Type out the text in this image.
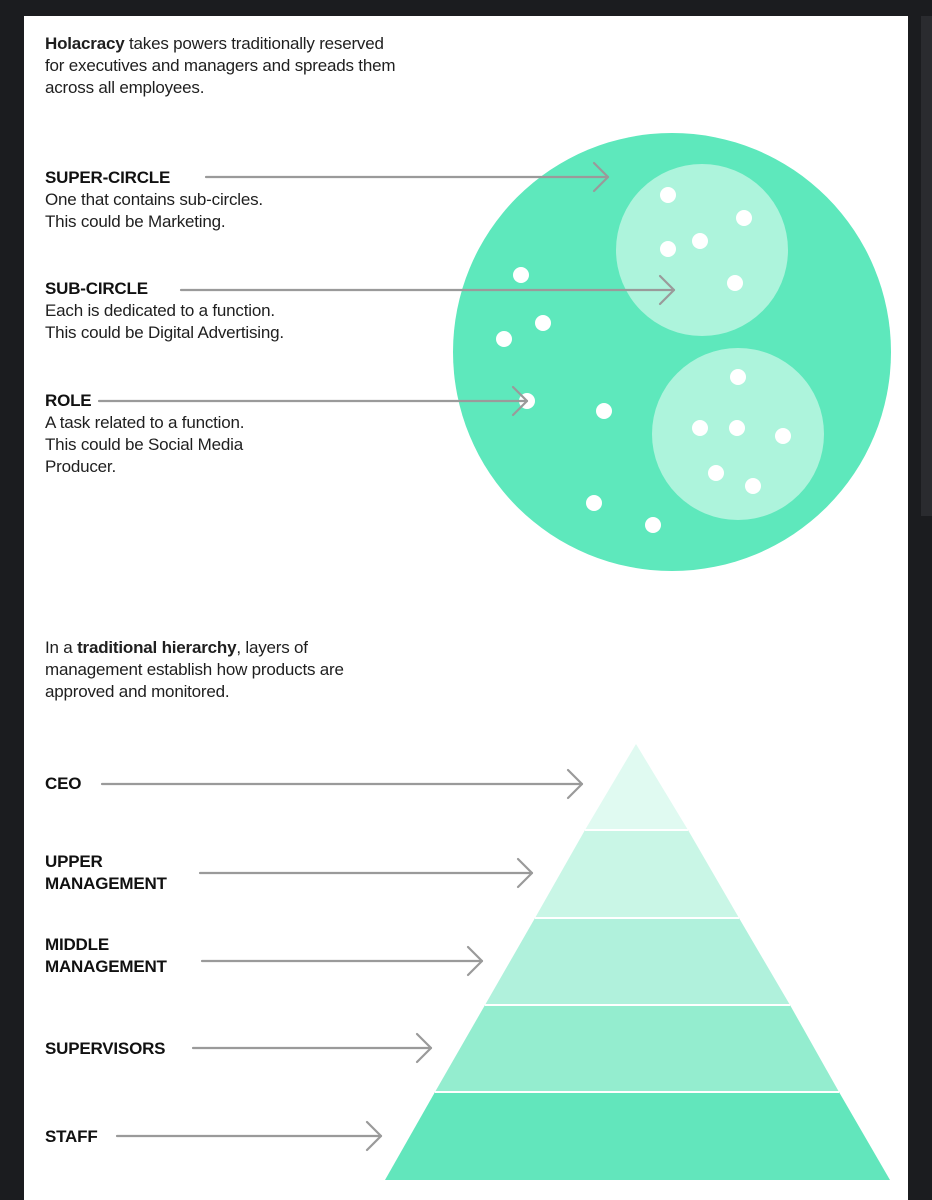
Holacracy takes powers traditionally reserved
for executives and managers and spreads them
across all employees.

SUPER-CIRCLE

One that contains sub-circles.
This could be Marketing.

SUB-CIRCLE

Each is dedicated to a function.
This could be Digital Advertising.

ROLE

A task related to a function.
This could be Social Media
Producer.

In a traditional hierarchy, layers of
management establish how products are
approved and monitored.

CEO

UPPER
MANAGEMENT

MIDDLE
MANAGEMENT

SUPERVISORS

STAFF
